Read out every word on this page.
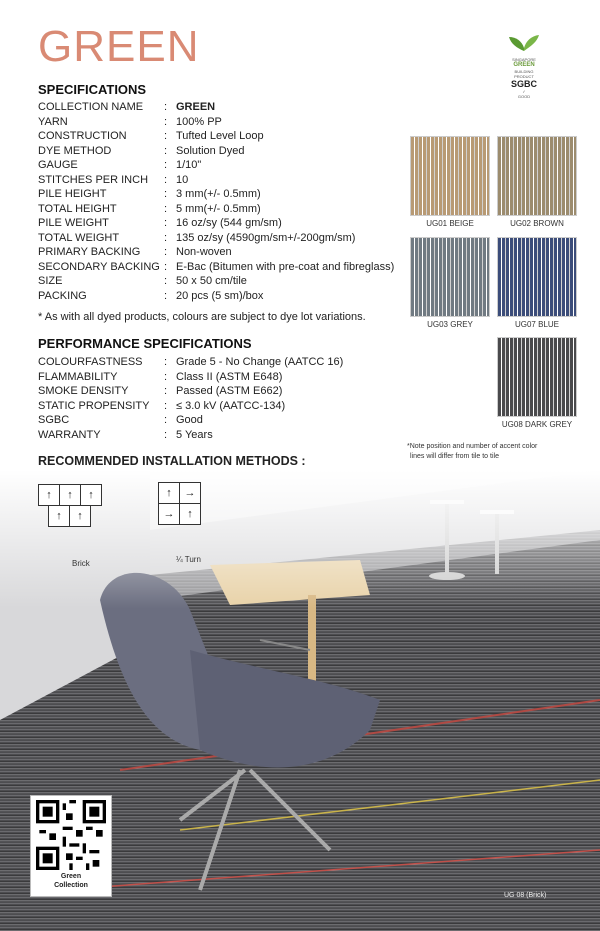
GREEN	SINGAPORE
GREEN
BUILDING
PRODUCT
SGBC
✓
GOOD
SPECIFICATIONS
COLLECTION NAME	: GREEN
YARN	: 100% PP
CONSTRUCTION	: Tufted Level Loop
DYE METHOD	: Solution Dyed
GAUGE	: 1/10"
STITCHES PER INCH	: 10
PILE HEIGHT	: 3 mm(+/- 0.5mm)
TOTAL HEIGHT	: 5 mm(+/- 0.5mm)
PILE WEIGHT	: 16 oz/sy (544 gm/sm)
TOTAL WEIGHT	: 135 oz/sy (4590gm/sm+/-200gm/sm)
PRIMARY BACKING	: Non-woven
SECONDARY BACKING : E-Bac (Bitumen with pre-coat and fibreglass)
SIZE	: 50 x 50 cm/tile
PACKING	: 20 pcs (5 sm)/box
* As with all dyed products, colours are subject to dye lot variations.
PERFORMANCE SPECIFICATIONS
COLOURFASTNESS	: Grade 5 - No Change (AATCC 16)
FLAMMABILITY	: Class II (ASTM E648)
SMOKE DENSITY	: Passed (ASTM E662)
STATIC PROPENSITY	: ≤ 3.0 kV (AATCC-134)
SGBC	: Good
WARRANTY	: 5 Years
UG01 BEIGE	UG02 BROWN
UG03 GREY	UG07 BLUE
UG08 DARK GREY
*Note position and number of accent color
lines will differ from tile to tile
RECOMMENDED INSTALLATION METHODS :
↑	↑	↑
↑	↑
Brick
↑	→
→	↑
¼ Turn
Green
Collection
UG 08 (Brick)
